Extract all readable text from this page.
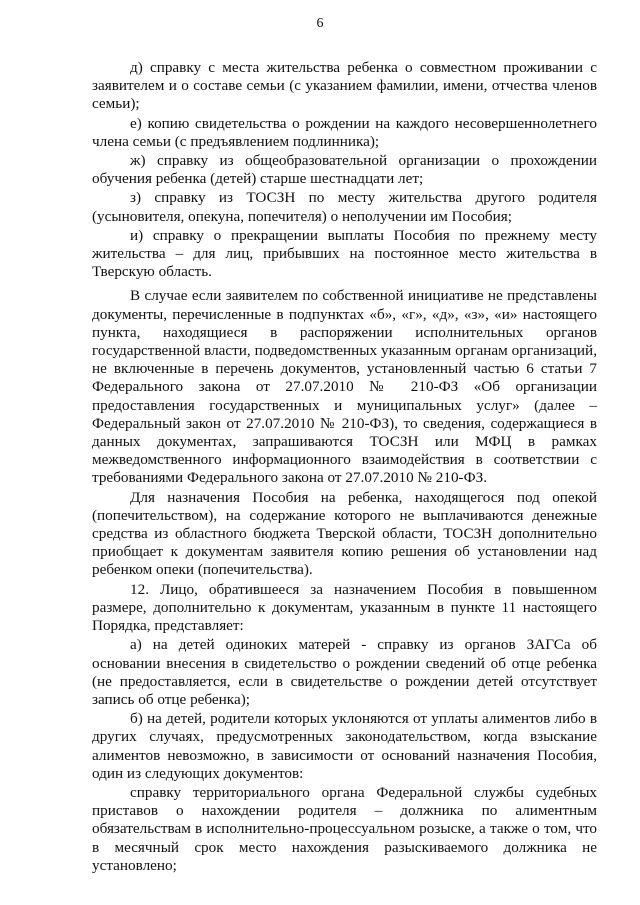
6

д) справку с места жительства ребенка о совместном проживании с заявителем и о составе семьи (с указанием фамилии, имени, отчества членов семьи);

е) копию свидетельства о рождении на каждого несовершеннолетнего члена семьи (с предъявлением подлинника);

ж) справку из общеобразовательной организации о прохождении обучения ребенка (детей) старше шестнадцати лет;

з) справку из ТОСЗН по месту жительства другого родителя (усыновителя, опекуна, попечителя) о неполучении им Пособия;

и) справку о прекращении выплаты Пособия по прежнему месту жительства – для лиц, прибывших на постоянное место жительства в Тверскую область.

В случае если заявителем по собственной инициативе не представлены документы, перечисленные в подпунктах «б», «г», «д», «з», «и» настоящего пункта, находящиеся в распоряжении исполнительных органов государственной власти, подведомственных указанным органам организаций, не включенные в перечень документов, установленный частью 6 статьи 7 Федерального закона от 27.07.2010 № 210-ФЗ «Об организации предоставления государственных и муниципальных услуг» (далее – Федеральный закон от 27.07.2010 № 210-ФЗ), то сведения, содержащиеся в данных документах, запрашиваются ТОСЗН или МФЦ в рамках межведомственного информационного взаимодействия в соответствии с требованиями Федерального закона от 27.07.2010 № 210-ФЗ.

Для назначения Пособия на ребенка, находящегося под опекой (попечительством), на содержание которого не выплачиваются денежные средства из областного бюджета Тверской области, ТОСЗН дополнительно приобщает к документам заявителя копию решения об установлении над ребенком опеки (попечительства).

12. Лицо, обратившееся за назначением Пособия в повышенном размере, дополнительно к документам, указанным в пункте 11 настоящего Порядка, представляет:

а) на детей одиноких матерей - справку из органов ЗАГСа об основании внесения в свидетельство о рождении сведений об отце ребенка (не предоставляется, если в свидетельстве о рождении детей отсутствует запись об отце ребенка);

б) на детей, родители которых уклоняются от уплаты алиментов либо в других случаях, предусмотренных законодательством, когда взыскание алиментов невозможно, в зависимости от оснований назначения Пособия, один из следующих документов:

справку территориального органа Федеральной службы судебных приставов о нахождении родителя – должника по алиментным обязательствам в исполнительно-процессуальном розыске, а также о том, что в месячный срок место нахождения разыскиваемого должника не установлено;
